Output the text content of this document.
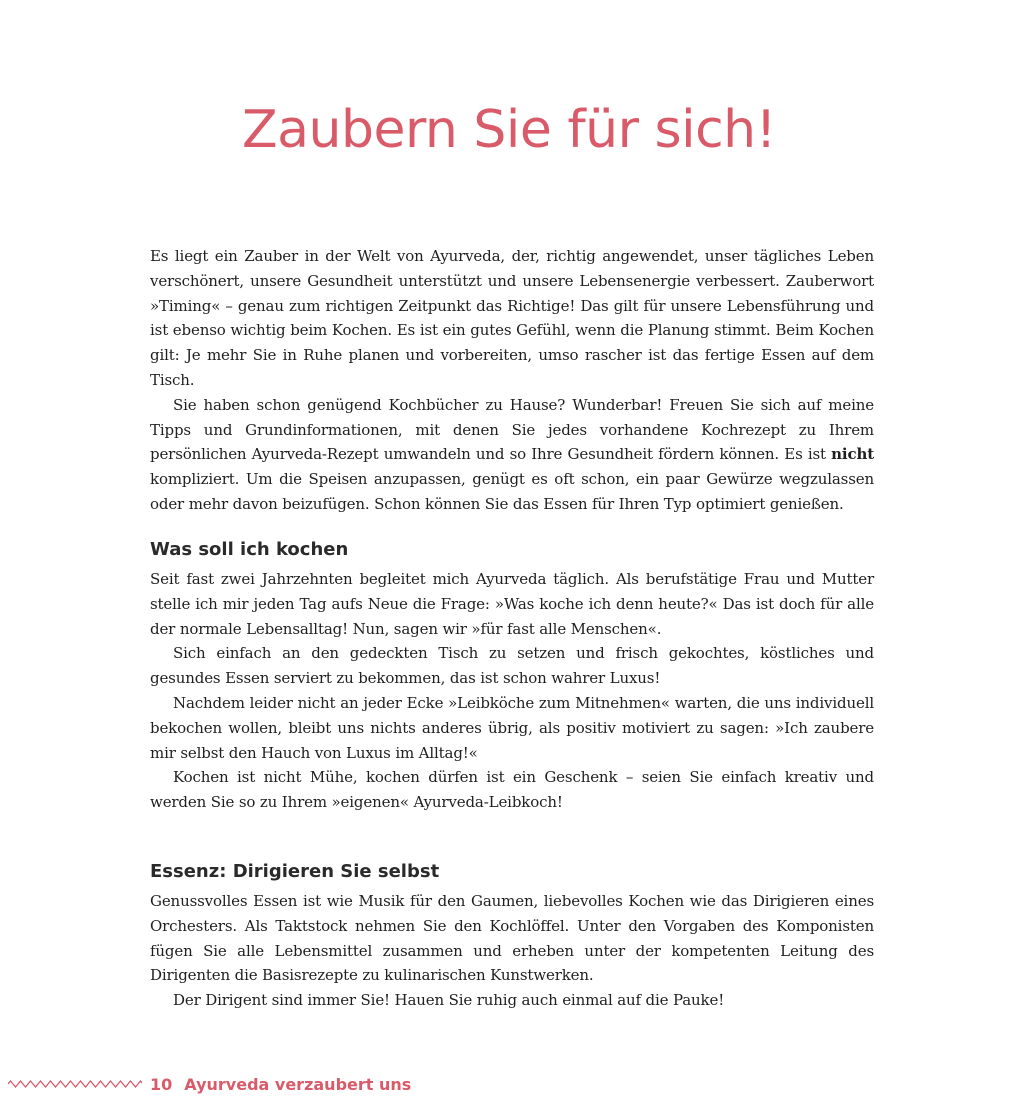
Zaubern Sie für sich!

Es liegt ein Zauber in der Welt von Ayurveda, der, richtig angewendet, unser tägliches Leben verschönert, unsere Gesundheit unterstützt und unsere Lebensenergie verbessert. Zauberwort »Timing« – genau zum richtigen Zeitpunkt das Richtige! Das gilt für unsere Lebensführung und ist ebenso wichtig beim Kochen. Es ist ein gutes Gefühl, wenn die Planung stimmt. Beim Kochen gilt: Je mehr Sie in Ruhe planen und vorbereiten, umso rascher ist das fertige Essen auf dem Tisch.

Sie haben schon genügend Kochbücher zu Hause? Wunderbar! Freuen Sie sich auf meine Tipps und Grundinformationen, mit denen Sie jedes vorhandene Kochrezept zu Ihrem persönlichen Ayurveda-Rezept umwandeln und so Ihre Gesundheit fördern können. Es ist nicht kompliziert. Um die Speisen anzupassen, genügt es oft schon, ein paar Gewürze wegzulassen oder mehr davon beizufügen. Schon können Sie das Essen für Ihren Typ optimiert genießen.

Was soll ich kochen

Seit fast zwei Jahrzehnten begleitet mich Ayurveda täglich. Als berufstätige Frau und Mutter stelle ich mir jeden Tag aufs Neue die Frage: »Was koche ich denn heute?« Das ist doch für alle der normale Lebensalltag! Nun, sagen wir »für fast alle Menschen«.

Sich einfach an den gedeckten Tisch zu setzen und frisch gekochtes, köstliches und gesundes Essen serviert zu bekommen, das ist schon wahrer Luxus!

Nachdem leider nicht an jeder Ecke »Leibköche zum Mitnehmen« warten, die uns individuell bekochen wollen, bleibt uns nichts anderes übrig, als positiv motiviert zu sagen: »Ich zaubere mir selbst den Hauch von Luxus im Alltag!«

Kochen ist nicht Mühe, kochen dürfen ist ein Geschenk – seien Sie einfach kreativ und werden Sie so zu Ihrem »eigenen« Ayurveda-Leibkoch!

Essenz: Dirigieren Sie selbst

Genussvolles Essen ist wie Musik für den Gaumen, liebevolles Kochen wie das Dirigieren eines Orchesters. Als Taktstock nehmen Sie den Kochlöffel. Unter den Vorgaben des Komponisten fügen Sie alle Lebensmittel zusammen und erheben unter der kompetenten Leitung des Dirigenten die Basisrezepte zu kulinarischen Kunstwerken.

Der Dirigent sind immer Sie! Hauen Sie ruhig auch einmal auf die Pauke!

10 Ayurveda verzaubert uns
